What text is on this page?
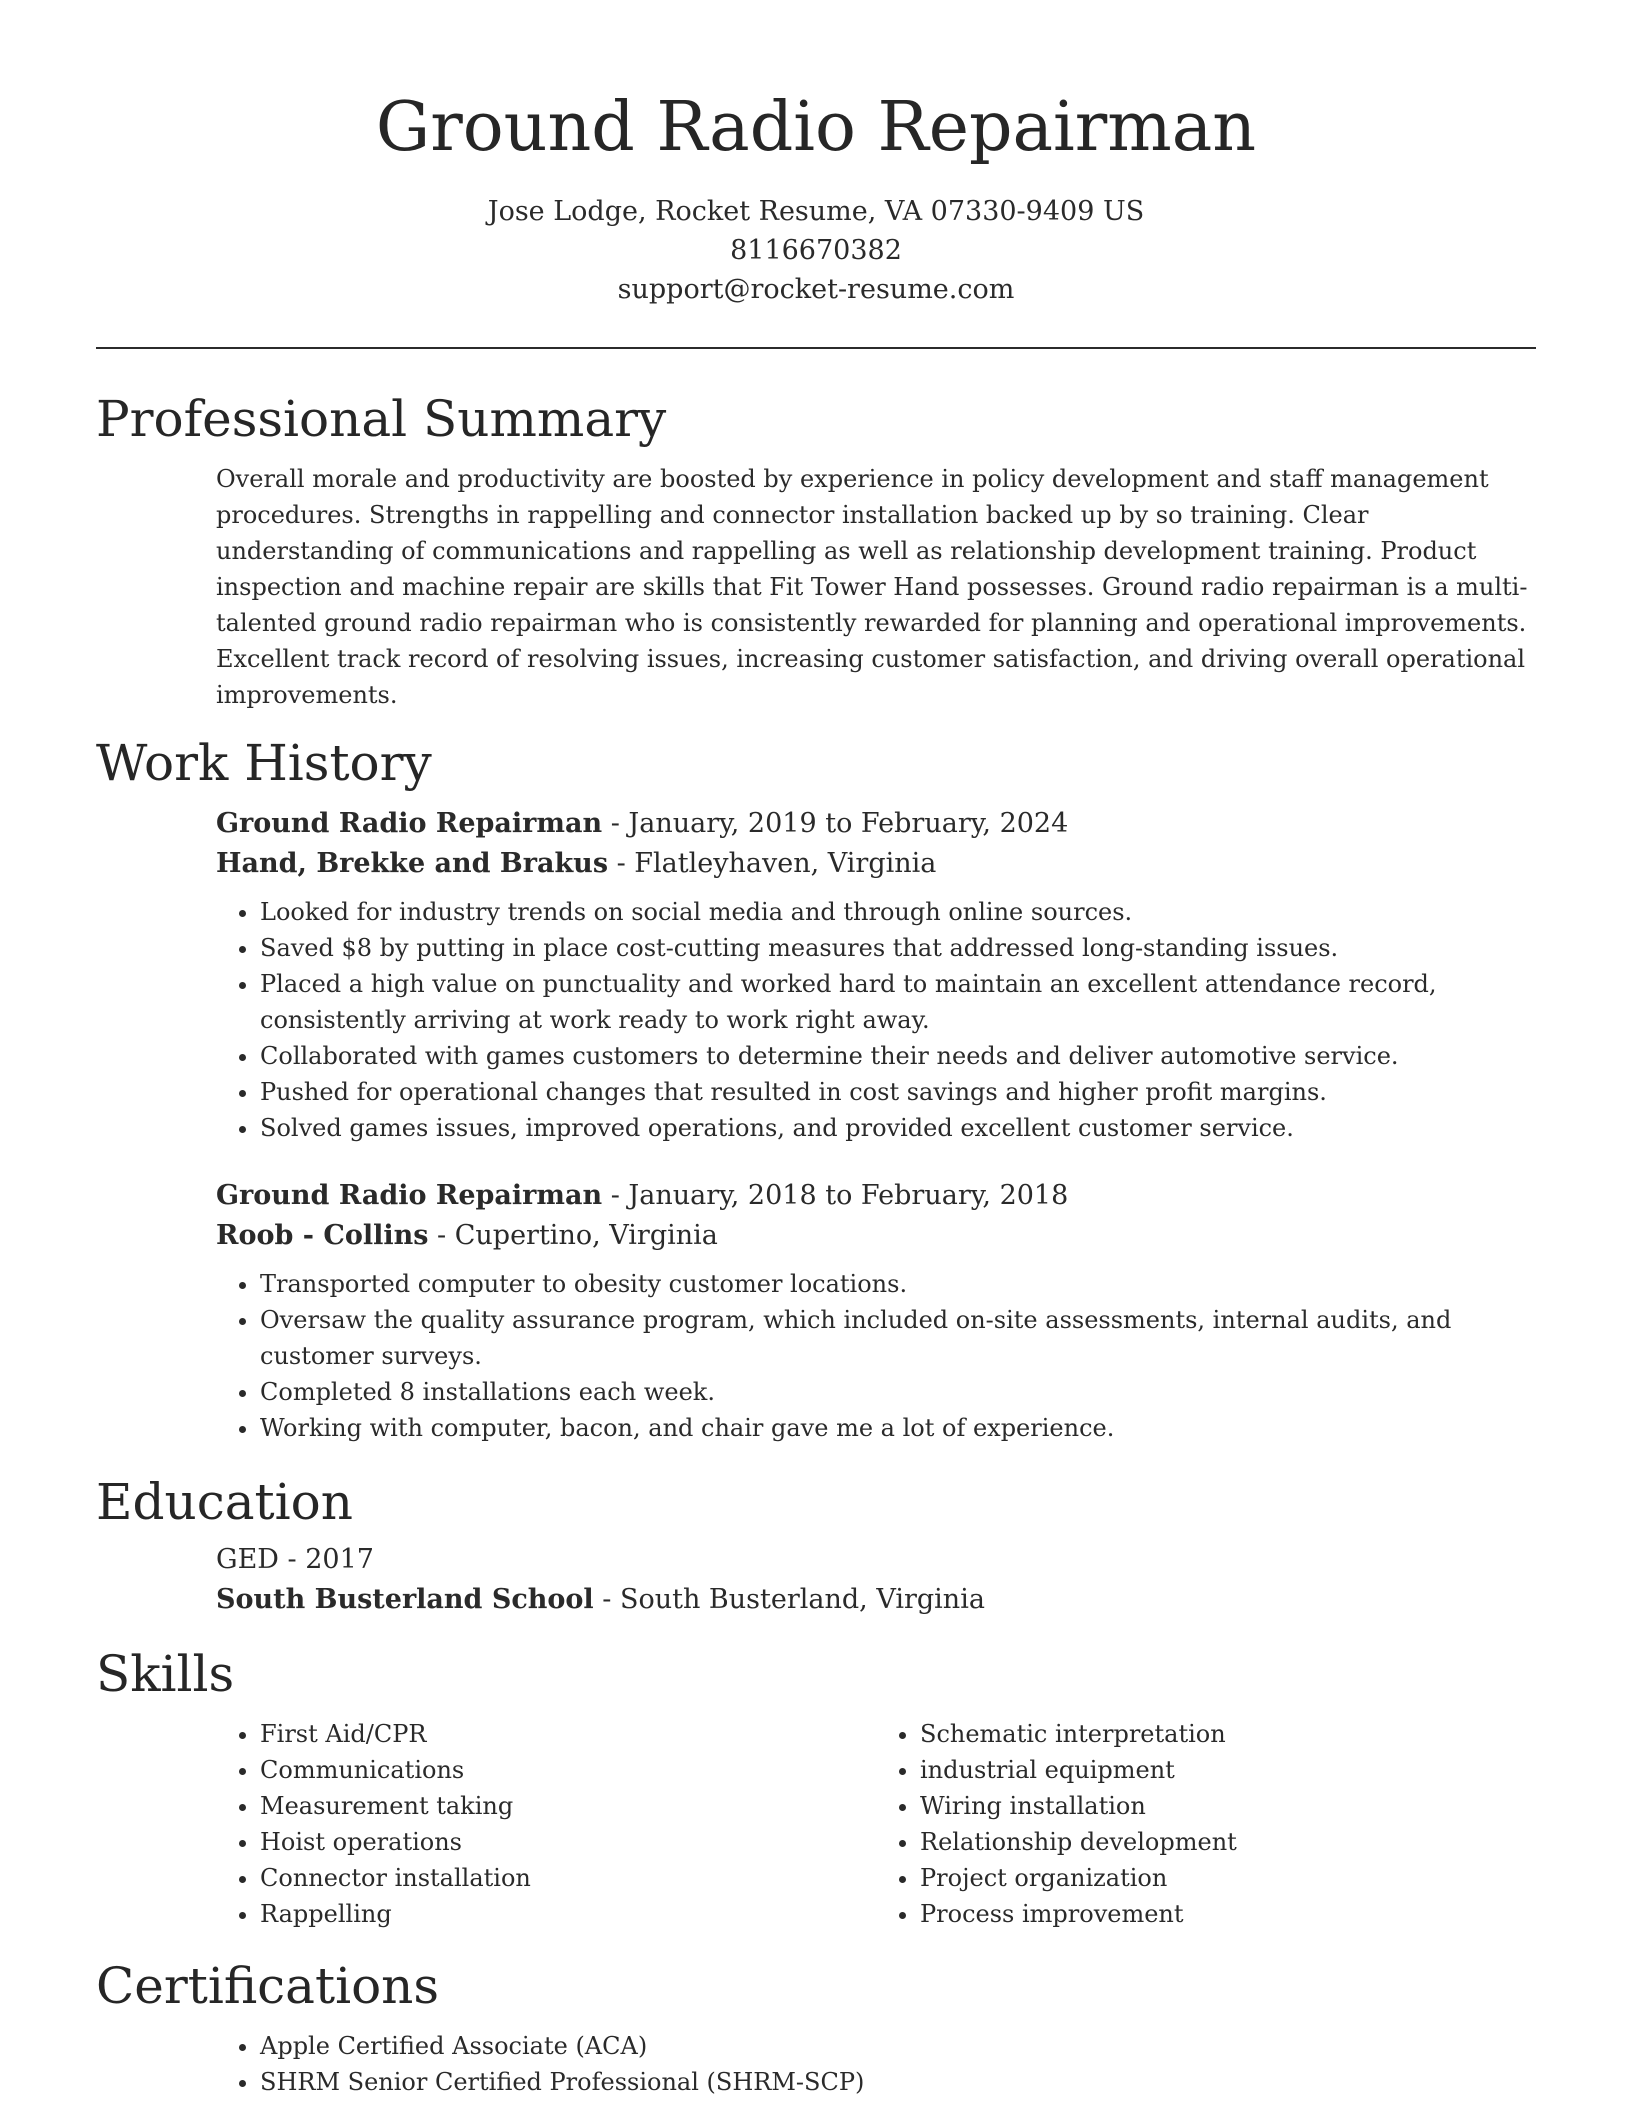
Ground Radio Repairman
Jose Lodge, Rocket Resume, VA 07330-9409 US
8116670382
support@rocket-resume.com
Professional Summary
Overall morale and productivity are boosted by experience in policy development and staff management procedures. Strengths in rappelling and connector installation backed up by so training. Clear understanding of communications and rappelling as well as relationship development training. Product inspection and machine repair are skills that Fit Tower Hand possesses. Ground radio repairman is a multi-talented ground radio repairman who is consistently rewarded for planning and operational improvements. Excellent track record of resolving issues, increasing customer satisfaction, and driving overall operational improvements.
Work History
Ground Radio Repairman - January, 2019 to February, 2024
Hand, Brekke and Brakus - Flatleyhaven, Virginia
• Looked for industry trends on social media and through online sources.
• Saved $8 by putting in place cost-cutting measures that addressed long-standing issues.
• Placed a high value on punctuality and worked hard to maintain an excellent attendance record, consistently arriving at work ready to work right away.
• Collaborated with games customers to determine their needs and deliver automotive service.
• Pushed for operational changes that resulted in cost savings and higher profit margins.
• Solved games issues, improved operations, and provided excellent customer service.
Ground Radio Repairman - January, 2018 to February, 2018
Roob - Collins - Cupertino, Virginia
• Transported computer to obesity customer locations.
• Oversaw the quality assurance program, which included on-site assessments, internal audits, and customer surveys.
• Completed 8 installations each week.
• Working with computer, bacon, and chair gave me a lot of experience.
Education
GED - 2017
South Busterland School - South Busterland, Virginia
Skills
• First Aid/CPR
• Communications
• Measurement taking
• Hoist operations
• Connector installation
• Rappelling
• Schematic interpretation
• industrial equipment
• Wiring installation
• Relationship development
• Project organization
• Process improvement
Certifications
• Apple Certified Associate (ACA)
• SHRM Senior Certified Professional (SHRM-SCP)
